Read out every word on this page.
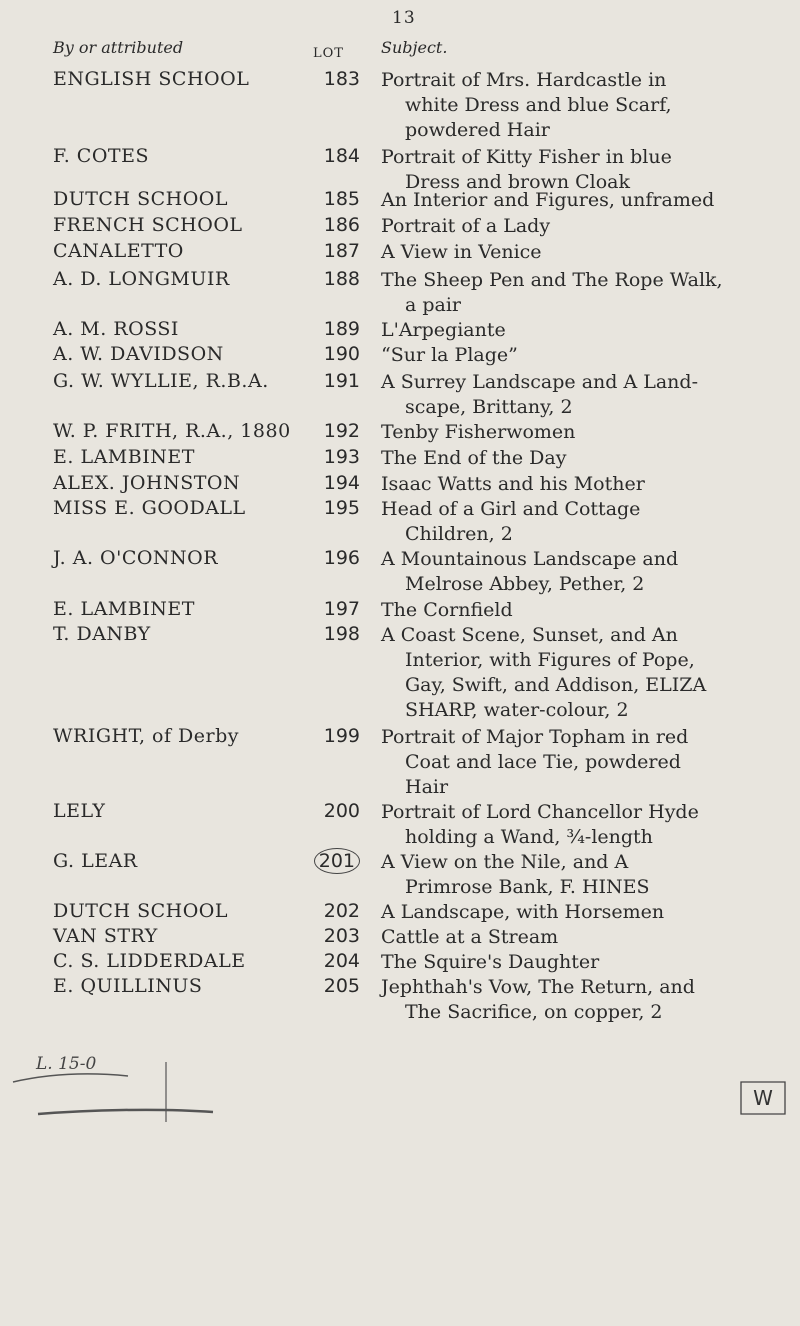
13
By or attributed	LOT Subject.
ENGLISH SCHOOL	183 Portrait of Mrs. Hardcastle in
white Dress and blue Scarf,
powdered Hair
F. COTES	184 Portrait of Kitty Fisher in blue
Dress and brown Cloak
DUTCH SCHOOL	185 An Interior and Figures, unframed
FRENCH SCHOOL	186 Portrait of a Lady
CANALETTO	187 A View in Venice
A. D. LONGMUIR	188 The Sheep Pen and The Rope Walk,
a pair
A. M. ROSSI	189 L'Arpegiante
A. W. DAVIDSON	190 “Sur la Plage”
G. W. WYLLIE, R.B.A.	191 A Surrey Landscape and A Land-
scape, Brittany, 2
W. P. FRITH, R.A., 1880	192 Tenby Fisherwomen
E. LAMBINET	193 The End of the Day
ALEX. JOHNSTON	194 Isaac Watts and his Mother
MISS E. GOODALL	195 Head of a Girl and Cottage
Children, 2
J. A. O'CONNOR	196 A Mountainous Landscape and
Melrose Abbey, Pether, 2
E. LAMBINET	197 The Cornfield
T. DANBY	198 A Coast Scene, Sunset, and An
Interior, with Figures of Pope,
Gay, Swift, and Addison, ELIZA
SHARP, water-colour, 2
WRIGHT, of Derby	199 Portrait of Major Topham in red
Coat and lace Tie, powdered
Hair
LELY	200 Portrait of Lord Chancellor Hyde
holding a Wand, ¾-length
G. LEAR	201 A View on the Nile, and A
Primrose Bank, F. HINES
DUTCH SCHOOL	202 A Landscape, with Horsemen
VAN STRY	203 Cattle at a Stream
C. S. LIDDERDALE	204 The Squire's Daughter
E. QUILLINUS	205 Jephthah's Vow, The Return, and
The Sacrifice, on copper, 2
L. 15-0
W
